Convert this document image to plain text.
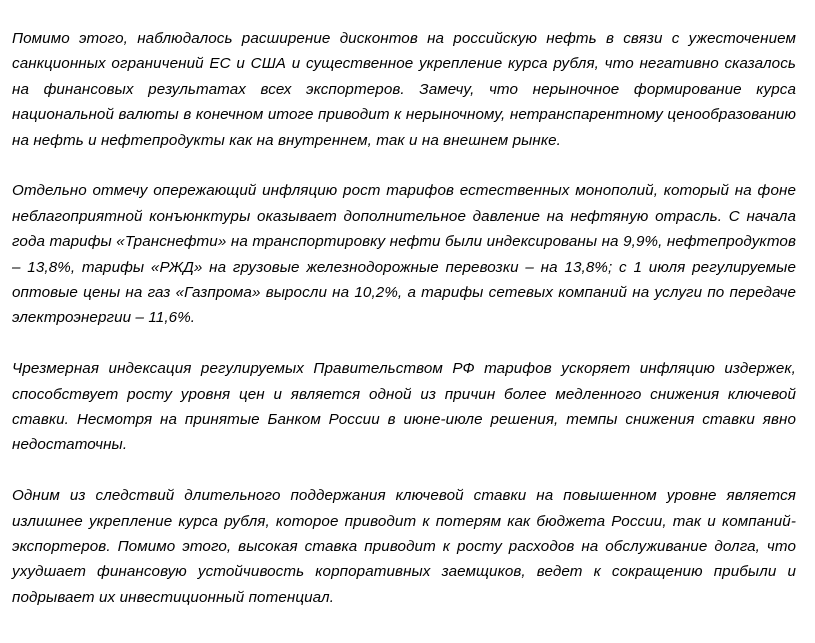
Помимо этого, наблюдалось расширение дисконтов на российскую нефть в связи с ужесточением санкционных ограничений ЕС и США и существенное укрепление курса рубля, что негативно сказалось на финансовых результатах всех экспортеров. Замечу, что нерыночное формирование курса национальной валюты в конечном итоге приводит к нерыночному, нетранспарентному ценообразованию на нефть и нефтепродукты как на внутреннем, так и на внешнем рынке.

Отдельно отмечу опережающий инфляцию рост тарифов естественных монополий, который на фоне неблагоприятной конъюнктуры оказывает дополнительное давление на нефтяную отрасль. С начала года тарифы «Транснефти» на транспортировку нефти были индексированы на 9,9%, нефтепродуктов – 13,8%, тарифы «РЖД» на грузовые железнодорожные перевозки – на 13,8%; с 1 июля регулируемые оптовые цены на газ «Газпрома» выросли на 10,2%, а тарифы сетевых компаний на услуги по передаче электроэнергии – 11,6%.

Чрезмерная индексация регулируемых Правительством РФ тарифов ускоряет инфляцию издержек, способствует росту уровня цен и является одной из причин более медленного снижения ключевой ставки. Несмотря на принятые Банком России в июне-июле решения, темпы снижения ставки явно недостаточны.

Одним из следствий длительного поддержания ключевой ставки на повышенном уровне является излишнее укрепление курса рубля, которое приводит к потерям как бюджета России, так и компаний-экспортеров. Помимо этого, высокая ставка приводит к росту расходов на обслуживание долга, что ухудшает финансовую устойчивость корпоративных заемщиков, ведет к сокращению прибыли и подрывает их инвестиционный потенциал.
